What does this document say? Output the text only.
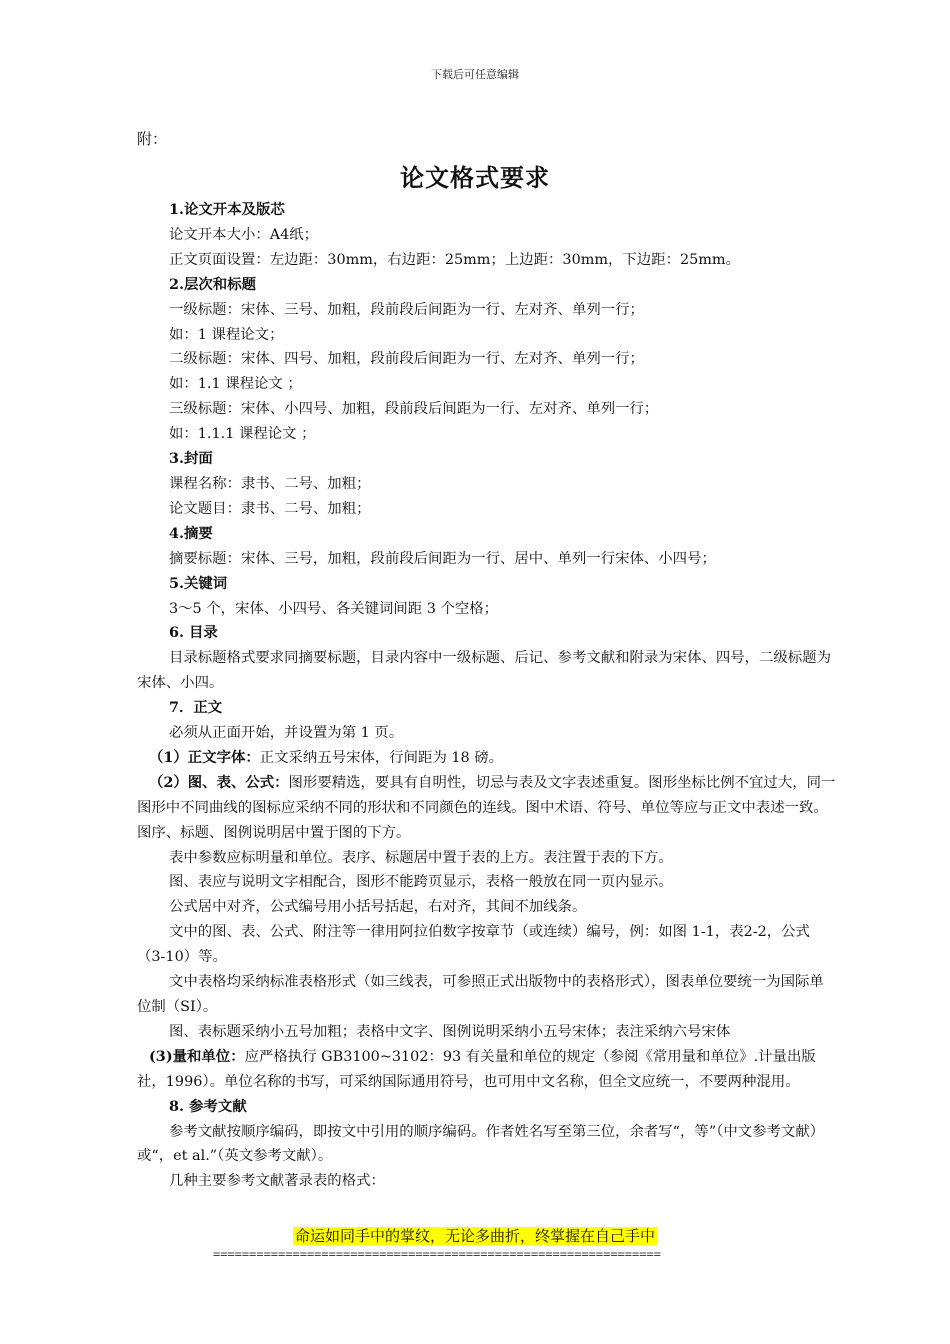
下载后可任意编辑
附：
论文格式要求

1.论文开本及版芯

论文开本大小：A4纸；

正文页面设置：左边距：30mm，右边距：25mm；上边距：30mm，下边距：25mm。

2.层次和标题

一级标题：宋体、三号、加粗，段前段后间距为一行、左对齐、单列一行；

如：1 课程论文；

二级标题：宋体、四号、加粗，段前段后间距为一行、左对齐、单列一行；

如：1.1 课程论文 ；

三级标题：宋体、小四号、加粗，段前段后间距为一行、左对齐、单列一行；

如：1.1.1 课程论文 ；

3.封面

课程名称：隶书、二号、加粗；

论文题目：隶书、二号、加粗；

4.摘要

摘要标题：宋体、三号，加粗，段前段后间距为一行、居中、单列一行宋体、小四号；

5.关键词

3～5 个，宋体、小四号、各关键词间距 3 个空格；

6. 目录

目录标题格式要求同摘要标题，目录内容中一级标题、后记、参考文献和附录为宋体、四号，二级标题为宋体、小四。

7．正文

必须从正面开始，并设置为第 1 页。

（1）正文字体：正文采纳五号宋体，行间距为 18 磅。

（2）图、表、公式：图形要精选，要具有自明性，切忌与表及文字表述重复。图形坐标比例不宜过大，同一图形中不同曲线的图标应采纳不同的形状和不同颜色的连线。图中术语、符号、单位等应与正文中表述一致。图序、标题、图例说明居中置于图的下方。

表中参数应标明量和单位。表序、标题居中置于表的上方。表注置于表的下方。

图、表应与说明文字相配合，图形不能跨页显示，表格一般放在同一页内显示。

公式居中对齐，公式编号用小括号括起，右对齐，其间不加线条。

文中的图、表、公式、附注等一律用阿拉伯数字按章节（或连续）编号，例：如图 1-1，表2-2，公式（3-10）等。

文中表格均采纳标准表格形式（如三线表，可参照正式出版物中的表格形式），图表单位要统一为国际单位制（SI）。

图、表标题采纳小五号加粗；表格中文字、图例说明采纳小五号宋体；表注采纳六号宋体

(3)量和单位：应严格执行 GB3100~3102：93 有关量和单位的规定（参阅《常用量和单位》.计量出版社，1996）。单位名称的书写，可采纳国际通用符号，也可用中文名称，但全文应统一，不要两种混用。

8. 参考文献

参考文献按顺序编码，即按文中引用的顺序编码。作者姓名写至第三位，余者写“，等”（中文参考文献）或“，et al.”（英文参考文献）。

几种主要参考文献著录表的格式：

命运如同手中的掌纹，无论多曲折，终掌握在自己手中
==============================================================
